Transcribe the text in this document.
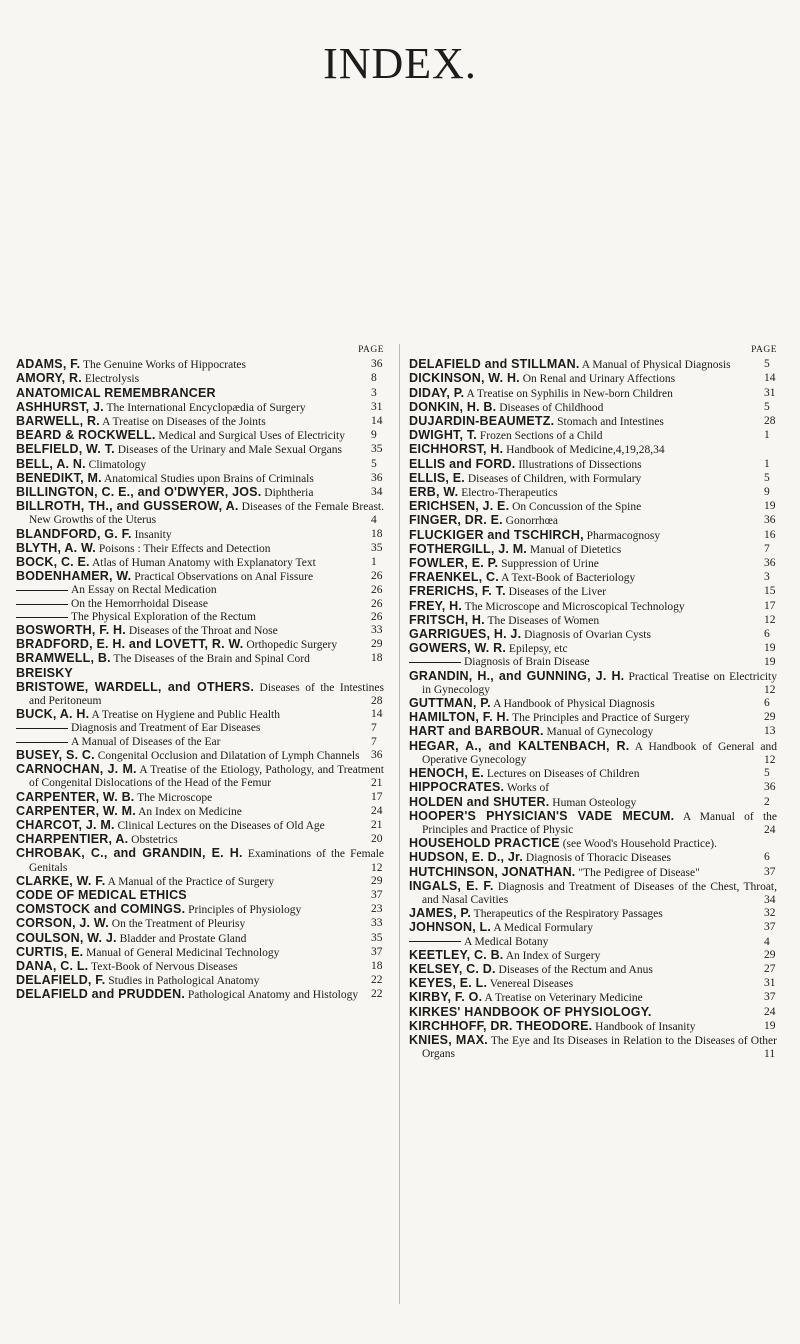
INDEX.
PAGE

ADAMS, F. The Genuine Works of Hippocrates	36

AMORY, R. Electrolysis	8

ANATOMICAL REMEMBRANCER	3

ASHHURST, J. The International Encyclopædia of Surgery	31

BARWELL, R. A Treatise on Diseases of the Joints	14

BEARD & ROCKWELL. Medical and Surgical Uses of Electricity 9

BELFIELD, W. T. Diseases of the Urinary and Male Sexual Organs	35

BELL, A. N. Climatology	5

BENEDIKT, M. Anatomical Studies upon Brains of Criminals	36

BILLINGTON, C. E., and O'DWYER, JOS. Diphtheria	34

BILLROTH, TH., and GUSSEROW, A. Diseases of the Female Breast. New Growths of the Uterus	4

BLANDFORD, G. F. Insanity	18

BLYTH, A. W. Poisons : Their Effects and Detection	35

BOCK, C. E. Atlas of Human Anatomy with Explanatory Text	1

BODENHAMER, W. Practical Observations on Anal Fissure	26

An Essay on Rectal Medication	26

On the Hemorrhoidal Disease	26

The Physical Exploration of the Rectum	26

BOSWORTH, F. H. Diseases of the Throat and Nose	33

BRADFORD, E. H. and LOVETT, R. W. Orthopedic Surgery	29

BRAMWELL, B. The Diseases of the Brain and Spinal Cord	18

BREISKY

BRISTOWE, WARDELL, and OTHERS. Diseases of the Intestines and Peritoneum	28

BUCK, A. H. A Treatise on Hygiene and Public Health	14

Diagnosis and Treatment of Ear Diseases	7

A Manual of Diseases of the Ear	7

BUSEY, S. C. Congenital Occlusion and Dilatation of Lymph Channels 36

CARNOCHAN, J. M. A Treatise of the Etiology, Pathology, and Treatment of Congenital Dislocations of the Head of the Femur	21

CARPENTER, W. B. The Microscope	17

CARPENTER, W. M. An Index on Medicine	24

CHARCOT, J. M. Clinical Lectures on the Diseases of Old Age	21

CHARPENTIER, A. Obstetrics	20

CHROBAK, C., and GRANDIN, E. H. Examinations of the Female Genitals	12

CLARKE, W. F. A Manual of the Practice of Surgery	29

CODE OF MEDICAL ETHICS	37

COMSTOCK and COMINGS. Principles of Physiology	23

CORSON, J. W. On the Treatment of Pleurisy	33

COULSON, W. J. Bladder and Prostate Gland	35

CURTIS, E. Manual of General Medicinal Technology	37

DANA, C. L. Text-Book of Nervous Diseases	18

DELAFIELD, F. Studies in Pathological Anatomy	22

DELAFIELD and PRUDDEN. Pathological Anatomy and Histology 22

PAGE

DELAFIELD and STILLMAN. A Manual of Physical Diagnosis	5

DICKINSON, W. H. On Renal and Urinary Affections	14

DIDAY, P. A Treatise on Syphilis in New-born Children	31

DONKIN, H. B. Diseases of Childhood	5

DUJARDIN-BEAUMETZ. Stomach and Intestines	28

DWIGHT, T. Frozen Sections of a Child	1

EICHHORST, H. Handbook of Medicine,4,19,28,34

ELLIS and FORD. Illustrations of Dissections	1

ELLIS, E. Diseases of Children, with Formulary	5

ERB, W. Electro-Therapeutics	9

ERICHSEN, J. E. On Concussion of the Spine	19

FINGER, DR. E. Gonorrhœa	36

FLUCKIGER and TSCHIRCH, Pharmacognosy	16

FOTHERGILL, J. M. Manual of Dietetics	7

FOWLER, E. P. Suppression of Urine	36

FRAENKEL, C. A Text-Book of Bacteriology	3

FRERICHS, F. T. Diseases of the Liver	15

FREY, H. The Microscope and Microscopical Technology	17

FRITSCH, H. The Diseases of Women	12

GARRIGUES, H. J. Diagnosis of Ovarian Cysts	6

GOWERS, W. R. Epilepsy, etc	19

Diagnosis of Brain Disease	19

GRANDIN, H., and GUNNING, J. H. Practical Treatise on Electricity in Gynecology	12

GUTTMAN, P. A Handbook of Physical Diagnosis	6

HAMILTON, F. H. The Principles and Practice of Surgery	29

HART and BARBOUR. Manual of Gynecology	13

HEGAR, A., and KALTENBACH, R. A Handbook of General and Operative Gynecology	12

HENOCH, E. Lectures on Diseases of Children	5

HIPPOCRATES. Works of	36

HOLDEN and SHUTER. Human Osteology	2

HOOPER'S PHYSICIAN'S VADE MECUM. A Manual of the Principles and Practice of Physic	24

HOUSEHOLD PRACTICE (see Wood's Household Practice).

HUDSON, E. D., Jr. Diagnosis of Thoracic Diseases	6

HUTCHINSON, JONATHAN. "The Pedigree of Disease"	37

INGALS, E. F. Diagnosis and Treatment of Diseases of the Chest, Throat, and Nasal Cavities	34

JAMES, P. Therapeutics of the Respiratory Passages	32

JOHNSON, L. A Medical Formulary	37

A Medical Botany	4

KEETLEY, C. B. An Index of Surgery	29

KELSEY, C. D. Diseases of the Rectum and Anus	27

KEYES, E. L. Venereal Diseases	31

KIRBY, F. O. A Treatise on Veterinary Medicine	37

KIRKES' HANDBOOK OF PHYSIOLOGY.	24

KIRCHHOFF, DR. THEODORE. Handbook of Insanity	19

KNIES, MAX. The Eye and Its Diseases in Relation to the Diseases of Other Organs	11
